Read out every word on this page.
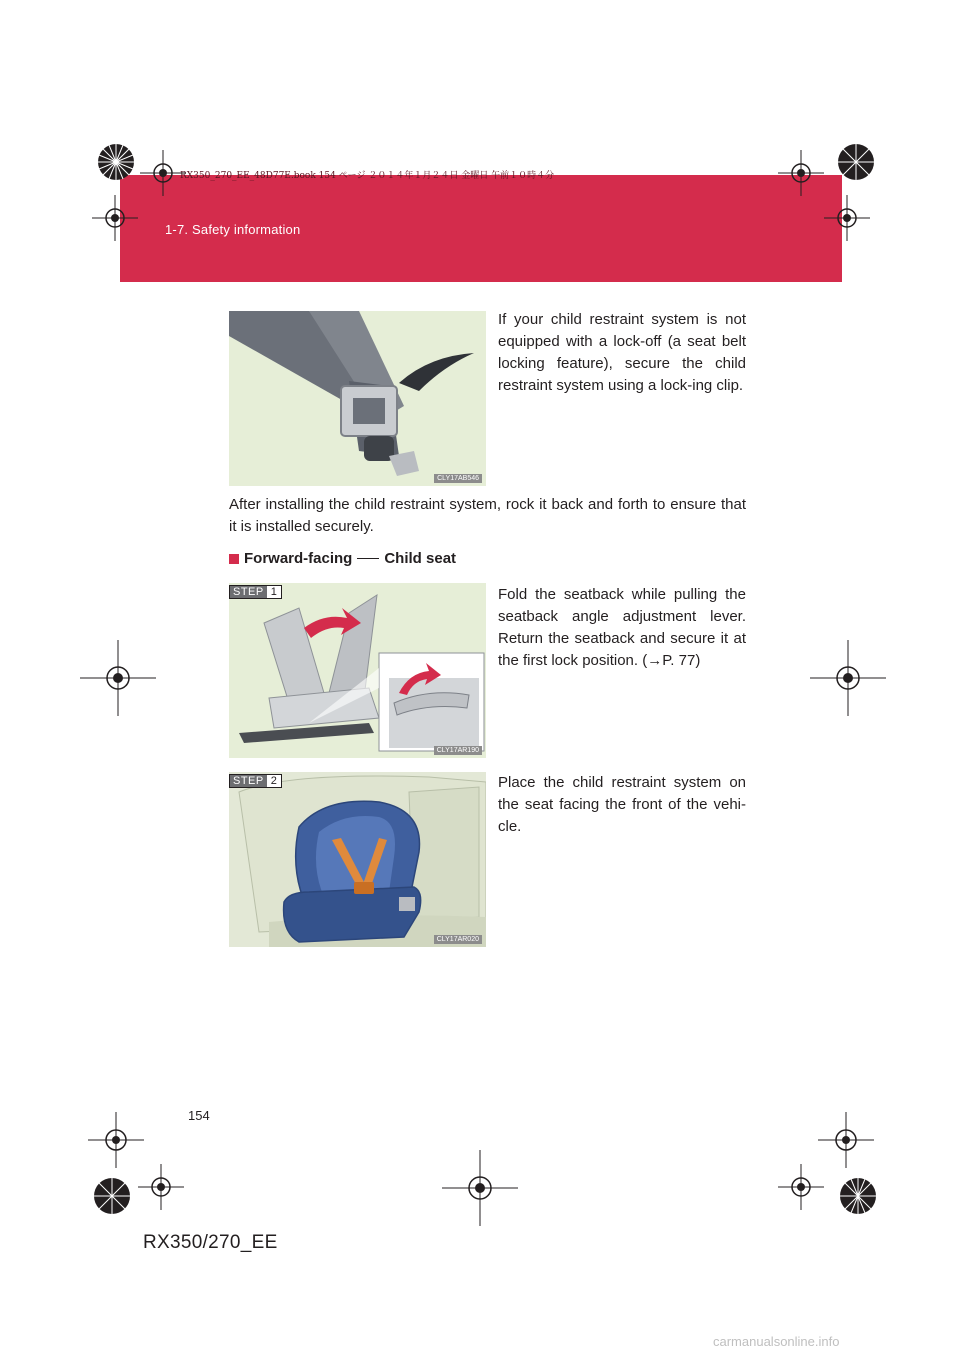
RX350_270_EE_48D77E.book 154 ページ ２０１４年１月２４日 金曜日 午前１０時４分
1-7. Safety information
CLY17AB546
If your child restraint system is not equipped with a lock-off (a seat belt locking feature), secure the child restraint system using a lock-ing clip.
After installing the child restraint system, rock it back and forth to ensure that it is installed securely.
Forward-facing Child seat
CLY17AR190
STEP 1	Fold the seatback while pulling the seatback angle adjustment lever. Return the seatback and secure it at the first lock position. (→P. 77)
CLY17AR020
STEP 2	Place the child restraint system on the seat facing the front of the vehi-cle.
154
RX350/270_EE
carmanualsonline.info
